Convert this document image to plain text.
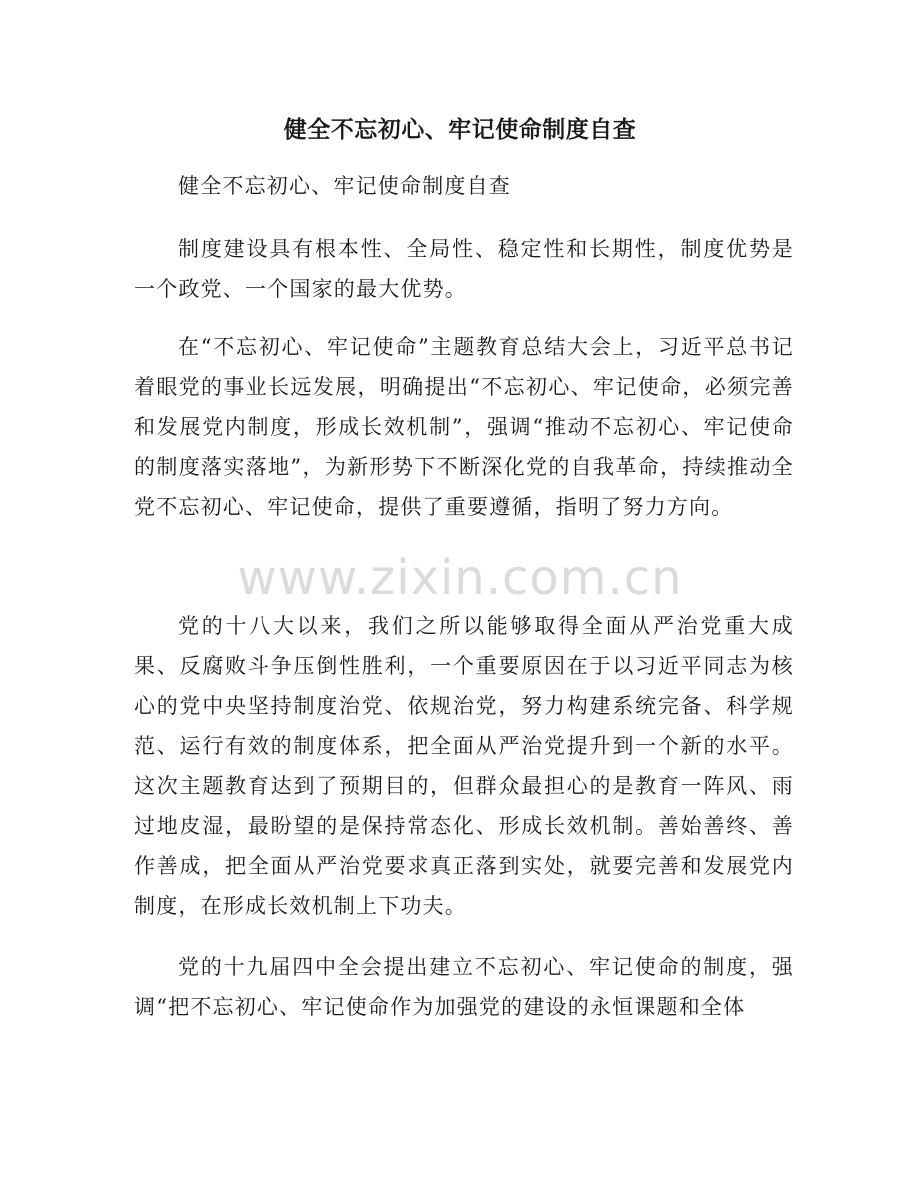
健全不忘初心、牢记使命制度自查

健全不忘初心、牢记使命制度自查

制度建设具有根本性、全局性、稳定性和长期性，制度优势是一个政党、一个国家的最大优势。

在“不忘初心、牢记使命”主题教育总结大会上，习近平总书记着眼党的事业长远发展，明确提出“不忘初心、牢记使命，必须完善和发展党内制度，形成长效机制”，强调“推动不忘初心、牢记使命的制度落实落地”，为新形势下不断深化党的自我革命，持续推动全党不忘初心、牢记使命，提供了重要遵循，指明了努力方向。

党的十八大以来，我们之所以能够取得全面从严治党重大成果、反腐败斗争压倒性胜利，一个重要原因在于以习近平同志为核心的党中央坚持制度治党、依规治党，努力构建系统完备、科学规范、运行有效的制度体系，把全面从严治党提升到一个新的水平。这次主题教育达到了预期目的，但群众最担心的是教育一阵风、雨过地皮湿，最盼望的是保持常态化、形成长效机制。善始善终、善作善成，把全面从严治党要求真正落到实处，就要完善和发展党内制度，在形成长效机制上下功夫。

党的十九届四中全会提出建立不忘初心、牢记使命的制度，强调“把不忘初心、牢记使命作为加强党的建设的永恒课题和全体

www.zixin.com.cn
